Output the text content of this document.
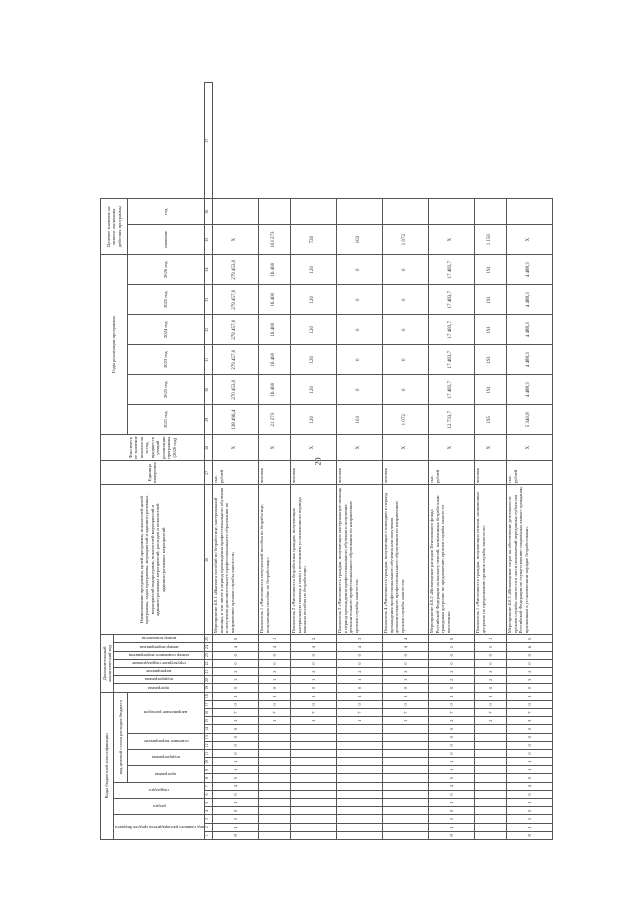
20
Коды бюджетной классификации																		Дополнительный аналитический код							Наименование программы, целей программы, показателей целей программы, задач программы, мероприятий и административных мероприятий подпрограмм, показателей мероприятий и административных мероприятий, расходов и показателей административных мероприятий	Единица измерения	Фактическое значение показателя за год, предшествующий реализации программы (2020 год)	Годы реализации программы						Целевое значение на момент окончания действия программы		

код главного распорядителя средств бюджета			раздел		подраздел		код целевой статьи расходов бюджета											программа	подпрограмма	мероприятие	структурное подразделение	номер основного мероприятия	номер мероприятия	номер показателя												

							программа		подпрограмма		основное мероприятие		направление расходов															2021 год	2022 год	2023 год	2024 год	2025 год	2026 год	значение	год	

1	2	3	4	5	6	7	8	9	10	11	12	13	14	15	16	17	18	19	20	21	22	23	24	25	26	27	28	29	30	31	32	33	34	35	36	37
8	1	5	0	1	0	4	0	1	1	0	0	0	0	1	7	0	1	0	1	2	0	0	4	0	Мероприятие 4.0.1 «Выплата пособий по безработице, материальной помощи, в том числе в период прохождения профессионального обучения и получения дополнительного профессионального образования по направлению органов службы занятости»	тыс. рублей	X	138 496,4	270 453,0	279 457,0	279 457,0	279 457,0	279 453,0	X		
														1	7	0	1	0	1	2	0	0	4	1	Показатель 1 «Численность получателей пособия по безработице, получающих пособие по безработице»	человек	X	21 273	16 400	16 400	16 400	16 400	16 400	103 273		
														1	7	0	1	0	1	2	0	0	4	2	Показатель 2 «Численность безработных граждан, получающих материальную помощь в связи с истечением установленного периода выплаты пособия по безработице»	человек	X	120	120	120	120	120	120	720		
														1	7	0	1	0	1	2	0	0	4	3	Показатель 3 «Численность граждан, получающих материальную помощь в период прохождения профессионального обучения и получения дополнительного профессионального образования по направлению органов службы занятости»	человек	X	103	0	0	0	0	0	103		
														1	7	0	1	0	1	2	0	0	4	4	Показатель 4 «Численность граждан, получающих стипендию в период прохождения профессионального обучения или получения дополнительного профессионального образования по направлению органов службы занятости»	человек	X	1 072	0	0	0	0	0	1 072		
8	1	5	0	1	0	4	0	1	1	0	0	0	0	2	7	0	1	0	2	2	0	0	5	0	Мероприятие 4.0.2 «Возмещение расходов Пенсионного фонда Российской Федерации на выплату пенсий, назначенных безработным гражданам досрочно по предложению органов службы занятости населения»	тыс. рублей	X	12 733,7	17 483,7	17 483,7	17 483,7	17 483,7	17 483,7	X		
														2	7	0	1	0	2	2	0	0	5	1	Показатель 1 «Численность граждан, получающих пенсии, назначенные досрочно по предложению органов службы занятости»	человек	X	195	191	191	191	191	191	1 150		
8	1	5	0	1	0	4	0	1	1	0	0	0	0	3	7	0	1	0	3	2	0	0	6	0	Мероприятие 4.0.3 «Возмещение затрат на обеспечение деятельности органов службы занятости в части полномочий переданных субъектам Российской Федерации по осуществлению социальных выплат гражданам, признанным в установленном порядке безработными»	тыс. рублей	X	5 340,8	4 488,3	4 488,3	4 488,3	4 488,3	4 488,3	X		
